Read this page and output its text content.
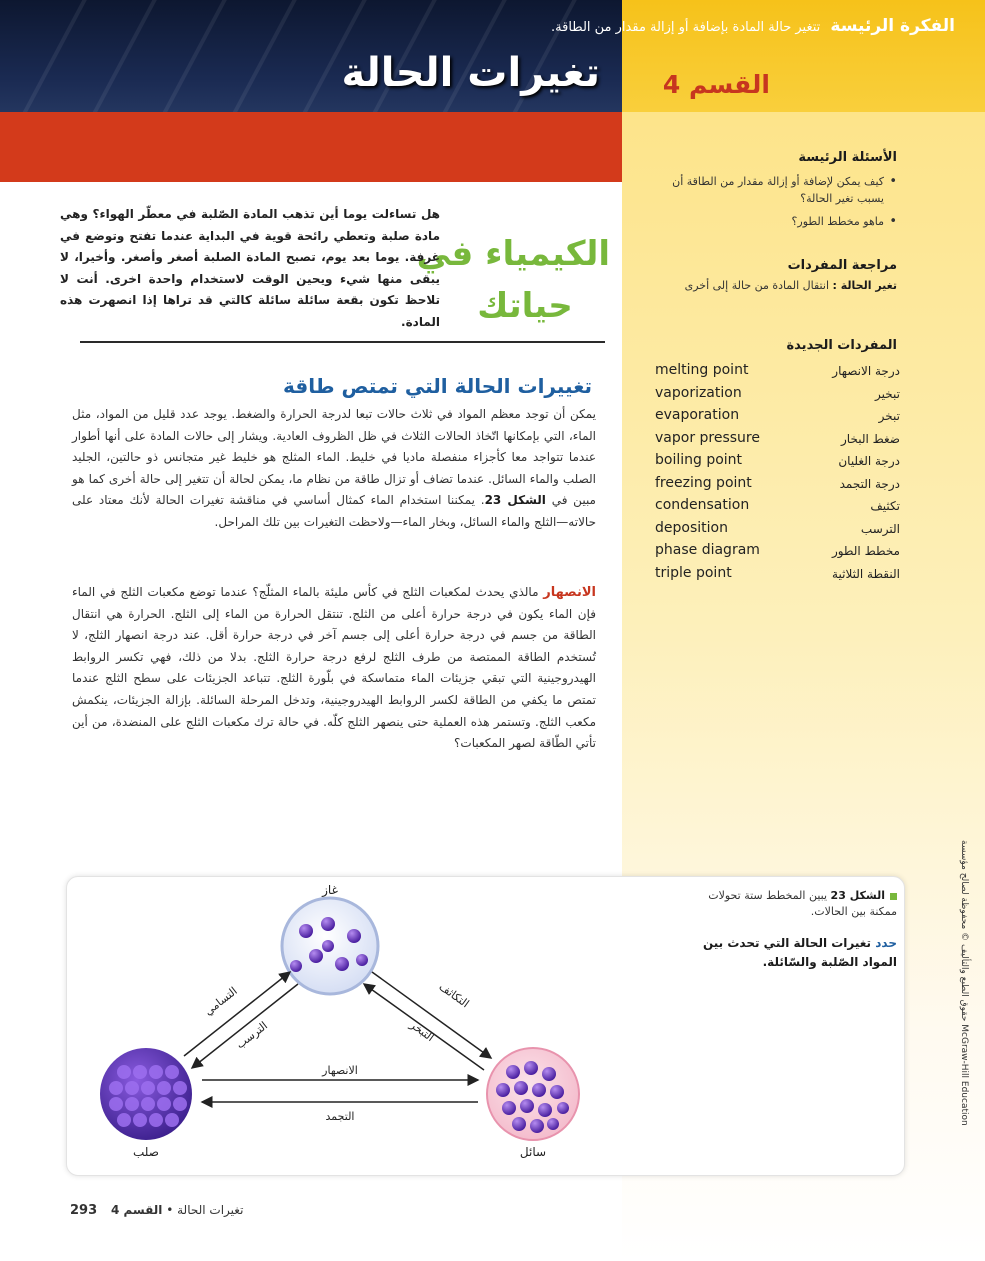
تغيرات الحالة	القسم 4
الفكرة الرئيسة تتغير حالة المادة بإضافة أو إزالة مقدار من الطاقة.
الأسئلة الرئيسة
• كيف يمكن لإضافة أو إزالة مقدار من الطاقة أن يسبب تغير الحالة؟
• ماهو مخطط الطور؟
مراجعة المفردات
تغير الحالة : انتقال المادة من حالة إلى أخرى
المفردات الجديدة
melting point	درجة الانصهار
vaporization	تبخير
evaporation	تبخر
vapor pressure	ضغط البخار
boiling point	درجة الغليان
freezing point	درجة التجمد
condensation	تكثيف
deposition	الترسب
phase diagram	مخطط الطور
triple point	النقطة الثلاثية
حقوق الطبع والتأليف © محفوظة لصالح مؤسسة McGraw-Hill Education
الكيمياء في
حياتك
هل تساءلت يوما أين تذهب المادة الصّلبة في معطّر الهواء؟ وهي مادة صلبة وتعطي رائحة قوية في البداية عندما تفتح وتوضع في غرفة. يوما بعد يوم، تصبح المادة الصلبة أصغر وأصغر. وأخيرا، لا يبقى منها شيء ويحين الوقت لاستخدام واحدة اخرى. أنت لا تلاحظ تكون بقعة سائلة سائلة كالتي قد تراها إذا انصهرت هذه المادة.
تغييرات الحالة التي تمتص طاقة
يمكن أن توجد معظم المواد في ثلاث حالات تبعا لدرجة الحرارة والضغط. يوجد عدد قليل من المواد، مثل الماء، التي بإمكانها اتّخاذ الحالات الثلاث في ظل الظروف العادية. ويشار إلى حالات المادة على أنها أطوار عندما تتواجد معا كأجزاء منفصلة ماديا في خليط. الماء المثلج هو خليط غير متجانس ذو حالتين، الجليد الصلب والماء السائل. عندما تضاف أو تزال طاقة من نظام ما، يمكن لحالة أن تتغير إلى حالة أخرى كما هو مبين في الشكل 23. يمكننا استخدام الماء كمثال أساسي في مناقشة تغيرات الحالة لأنك معتاد على حالاته—الثلج والماء السائل، وبخار الماء—ولاحظت التغيرات بين تلك المراحل.
الانصهار مالذي يحدث لمكعبات الثلج في كأس مليئة بالماء المثلّج؟ عندما توضع مكعبات الثلج في الماء فإن الماء يكون في درجة حرارة أعلى من الثلج. تنتقل الحرارة من الماء إلى الثلج. الحرارة هي انتقال الطاقة من جسم في درجة حرارة أعلى إلى جسم آخر في درجة حرارة أقل. عند درجة انصهار الثلج، لا تُستخدم الطاقة الممتصة من طرف الثلج لرفع درجة حرارة الثلج. بدلا من ذلك، فهي تكسر الروابط الهيدروجينية التي تبقي جزيئات الماء متماسكة في بلّورة الثلج. تتباعد الجزيئات على سطح الثلج عندما تمتص ما يكفي من الطاقة لكسر الروابط الهيدروجينية، وتدخل المرحلة السائلة. بإزالة الجزيئات، ينكمش مكعب الثلج. وتستمر هذه العملية حتى ينصهر الثلج كلّه. في حالة ترك مكعبات الثلج على المنضدة، من أين تأتي الطّاقة لصهر المكعبات؟
غاز
صلب	سائل
التسامي
الترسب
التكاثف
التبخر
الانصهار
التجمد
الشكل 23 يبين المخطط ستة تحولات ممكنة بين الحالات.
حدد تغيرات الحالة التي تحدث بين المواد الصّلبة والسّائلة.
293	تغيرات الحالة • القسم 4
